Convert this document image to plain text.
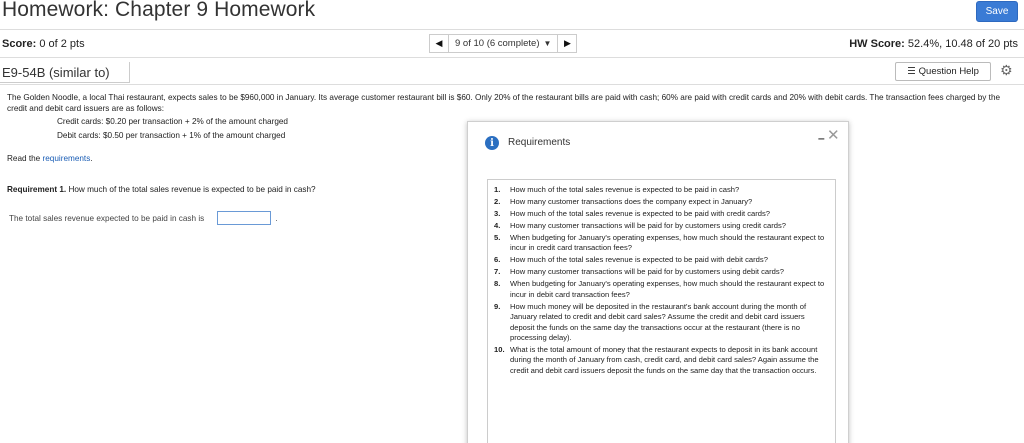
Homework: Chapter 9 Homework	Save
Score: 0 of 2 pts	◀ 9 of 10 (6 complete) ▼ ▶	HW Score: 52.4%, 10.48 of 20 pts
E9-54B (similar to)	☰ Question Help ⚙
The Golden Noodle, a local Thai restaurant, expects sales to be $960,000 in January. Its average customer restaurant bill is $60. Only 20% of the restaurant bills are paid with cash; 60% are paid with credit cards and 20% with debit cards. The transaction fees charged by the credit and debit card issuers are as follows:
Credit cards: $0.20 per transaction + 2% of the amount charged
Debit cards: $0.50 per transaction + 1% of the amount charged
Read the requirements.
Requirement 1. How much of the total sales revenue is expected to be paid in cash?
The total sales revenue expected to be paid in cash is	.
i	Requirements	– ✕
1.	How much of the total sales revenue is expected to be paid in cash?
2.	How many customer transactions does the company expect in January?
3.	How much of the total sales revenue is expected to be paid with credit cards?
4.	How many customer transactions will be paid for by customers using credit cards?
5.	When budgeting for January's operating expenses, how much should the restaurant expect to incur in credit card transaction fees?
6.	How much of the total sales revenue is expected to be paid with debit cards?
7.	How many customer transactions will be paid for by customers using debit cards?
8.	When budgeting for January's operating expenses, how much should the restaurant expect to incur in debit card transaction fees?
9.	How much money will be deposited in the restaurant's bank account during the month of January related to credit and debit card sales? Assume the credit and debit card issuers deposit the funds on the same day the transactions occur at the restaurant (there is no processing delay).
10. What is the total amount of money that the restaurant expects to deposit in its bank account during the month of January from cash, credit card, and debit card sales? Again assume the credit and debit card issuers deposit the funds on the same day that the transaction occurs.
